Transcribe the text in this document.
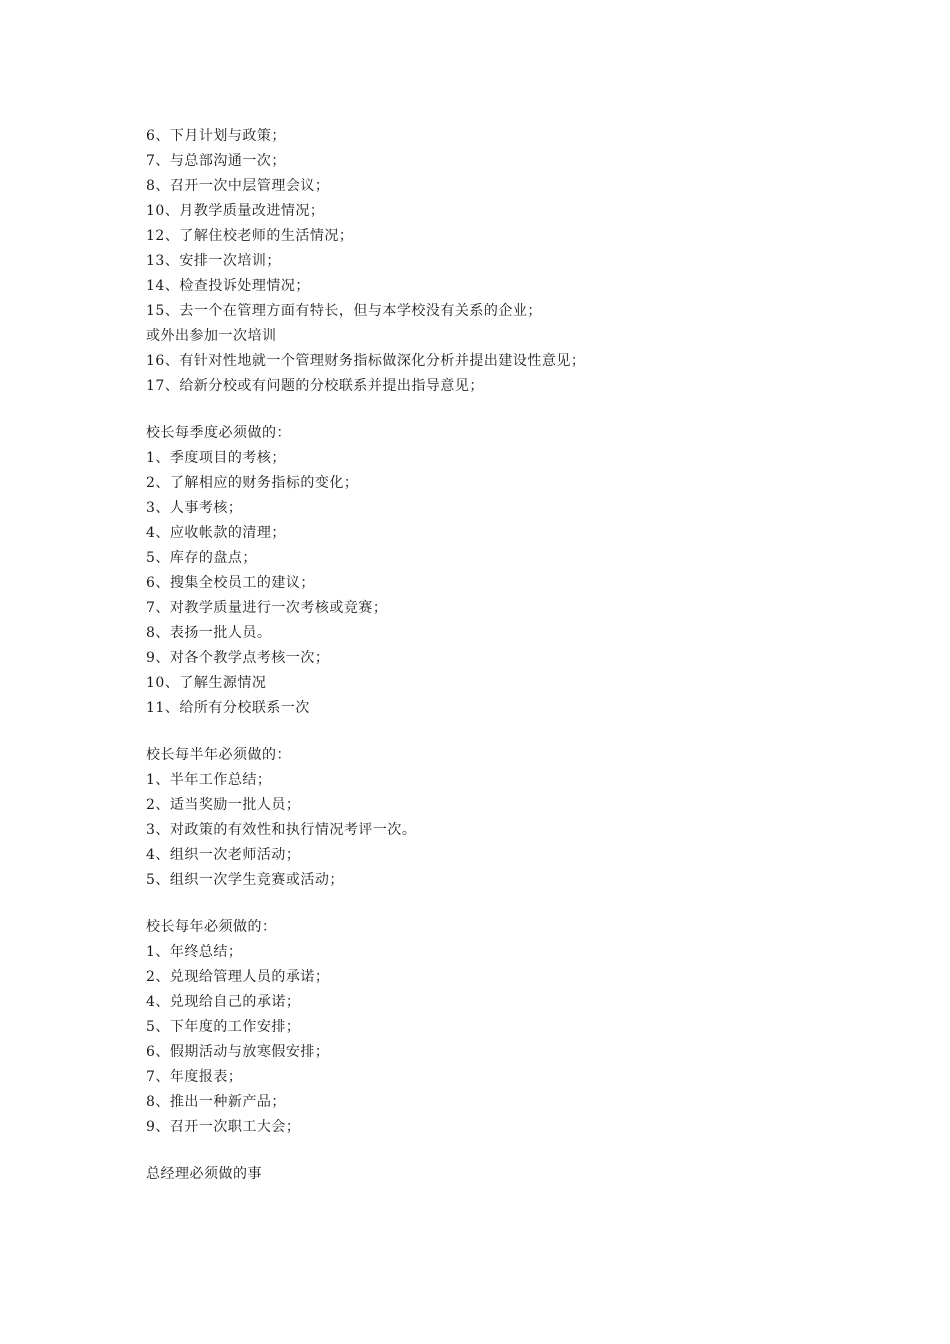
6、下月计划与政策；
7、与总部沟通一次；
8、召开一次中层管理会议；
10、月教学质量改进情况；
12、了解住校老师的生活情况；
13、安排一次培训；
14、检查投诉处理情况；
15、去一个在管理方面有特长，但与本学校没有关系的企业；
或外出参加一次培训
16、有针对性地就一个管理财务指标做深化分析并提出建设性意见；
17、给新分校或有问题的分校联系并提出指导意见；
校长每季度必须做的：
1、季度项目的考核；
2、了解相应的财务指标的变化；
3、人事考核；
4、应收帐款的清理；
5、库存的盘点；
6、搜集全校员工的建议；
7、对教学质量进行一次考核或竞赛；
8、表扬一批人员。
9、对各个教学点考核一次；
10、了解生源情况
11、给所有分校联系一次
校长每半年必须做的：
1、半年工作总结；
2、适当奖励一批人员；
3、对政策的有效性和执行情况考评一次。
4、组织一次老师活动；
5、组织一次学生竞赛或活动；
校长每年必须做的：
1、年终总结；
2、兑现给管理人员的承诺；
4、兑现给自己的承诺；
5、下年度的工作安排；
6、假期活动与放寒假安排；
7、年度报表；
8、推出一种新产品；
9、召开一次职工大会；
总经理必须做的事
